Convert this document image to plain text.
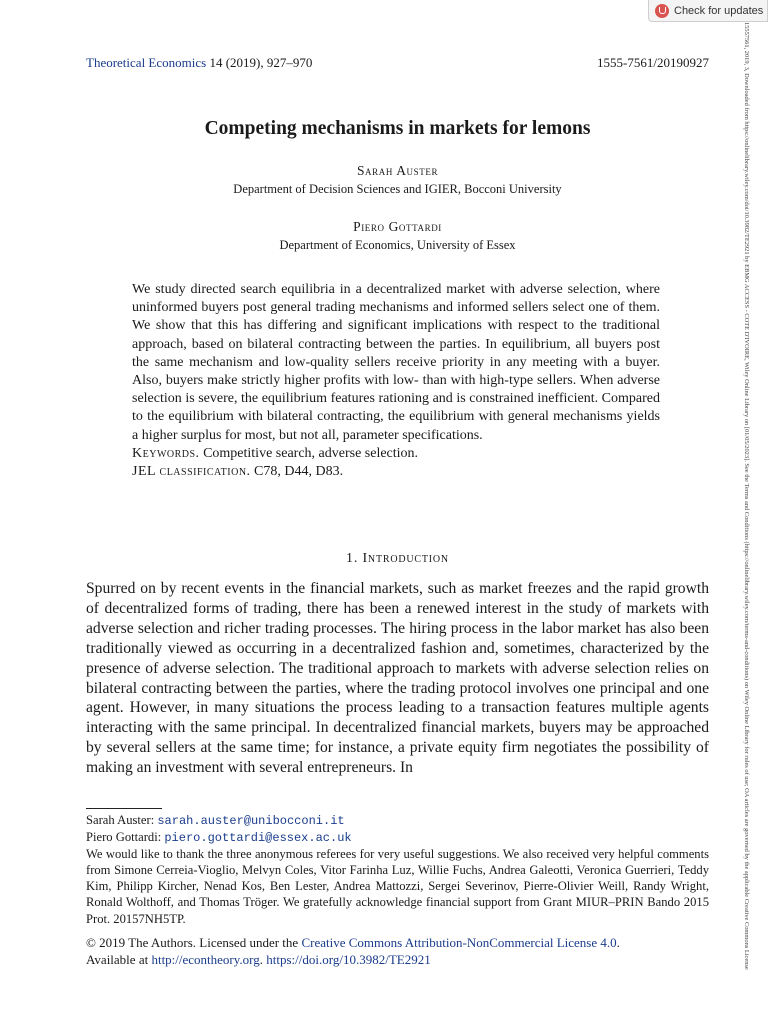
Check for updates
15557561, 2019, 3, Downloaded from https://onlinelibrary.wiley.com/doi/10.3982/TE2921 by EBMG ACCESS - COTE D'IVOIRE, Wiley Online Library on [01/05/2023]. See the Terms and Conditions (https://onlinelibrary.wiley.com/terms-and-conditions) on Wiley Online Library for rules of use; OA articles are governed by the applicable Creative Commons License
Theoretical Economics 14 (2019), 927–970	1555-7561/20190927
Competing mechanisms in markets for lemons
Sarah Auster
Department of Decision Sciences and IGIER, Bocconi University
Piero Gottardi
Department of Economics, University of Essex

We study directed search equilibria in a decentralized market with adverse selection, where uninformed buyers post general trading mechanisms and informed sellers select one of them. We show that this has differing and significant implications with respect to the traditional approach, based on bilateral contracting between the parties. In equilibrium, all buyers post the same mechanism and low-quality sellers receive priority in any meeting with a buyer. Also, buyers make strictly higher profits with low- than with high-type sellers. When adverse selection is severe, the equilibrium features rationing and is constrained inefficient. Compared to the equilibrium with bilateral contracting, the equilibrium with general mechanisms yields a higher surplus for most, but not all, parameter specifications.

Keywords. Competitive search, adverse selection.

JEL classification. C78, D44, D83.

1. Introduction

Spurred on by recent events in the financial markets, such as market freezes and the rapid growth of decentralized forms of trading, there has been a renewed interest in the study of markets with adverse selection and richer trading processes. The hiring process in the labor market has also been traditionally viewed as occurring in a decentralized fashion and, sometimes, characterized by the presence of adverse selection. The traditional approach to markets with adverse selection relies on bilateral contracting between the parties, where the trading protocol involves one principal and one agent. However, in many situations the process leading to a transaction features multiple agents interacting with the same principal. In decentralized financial markets, buyers may be approached by several sellers at the same time; for instance, a private equity firm negotiates the possibility of making an investment with several entrepreneurs. In

Sarah Auster: sarah.auster@unibocconi.it

Piero Gottardi: piero.gottardi@essex.ac.uk

We would like to thank the three anonymous referees for very useful suggestions. We also received very helpful comments from Simone Cerreia-Vioglio, Melvyn Coles, Vitor Farinha Luz, Willie Fuchs, Andrea Galeotti, Veronica Guerrieri, Teddy Kim, Philipp Kircher, Nenad Kos, Ben Lester, Andrea Mattozzi, Sergei Severinov, Pierre-Olivier Weill, Randy Wright, Ronald Wolthoff, and Thomas Tröger. We gratefully acknowledge financial support from Grant MIUR–PRIN Bando 2015 Prot. 20157NH5TP.

© 2019 The Authors. Licensed under the Creative Commons Attribution-NonCommercial License 4.0.

Available at http://econtheory.org. https://doi.org/10.3982/TE2921
